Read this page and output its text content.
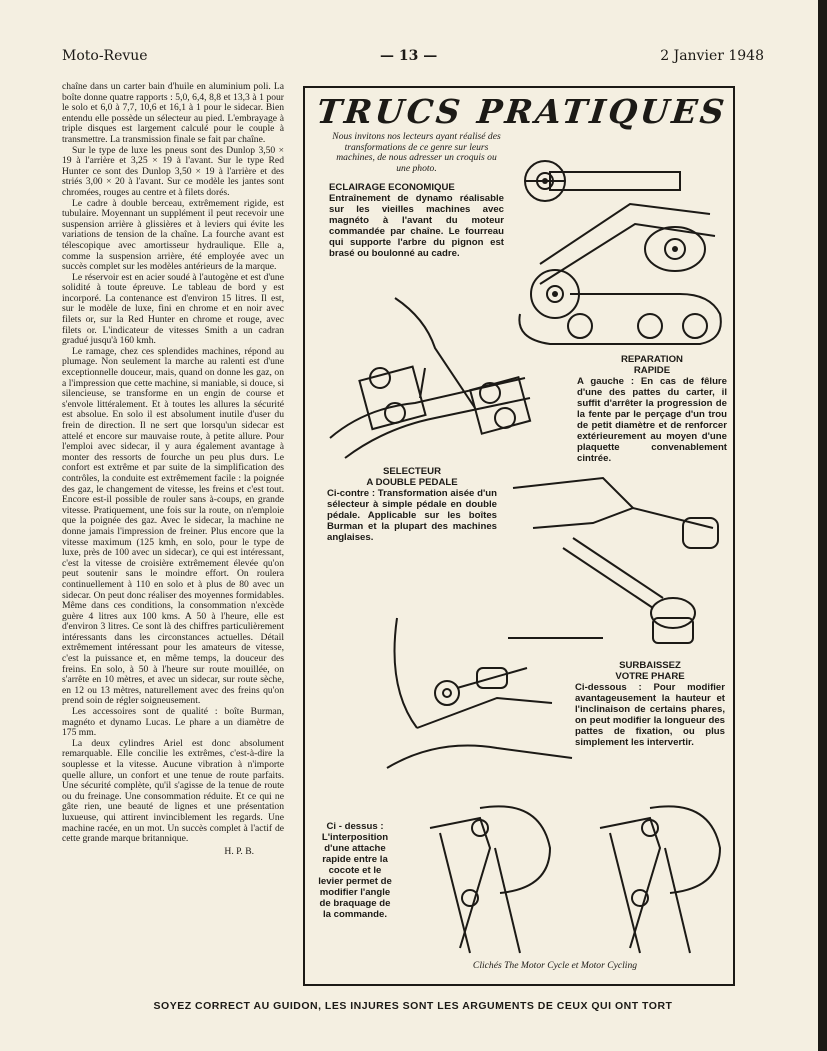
Moto-Revue	— 13 —	2 Janvier 1948

chaîne dans un carter bain d'huile en aluminium poli. La boîte donne quatre rapports : 5,0, 6,4, 8,8 et 13,3 à 1 pour le solo et 6,0 à 7,7, 10,6 et 16,1 à 1 pour le sidecar. Bien entendu elle possède un sélecteur au pied. L'embrayage à triple disques est largement calculé pour le couple à transmettre. La transmission finale se fait par chaîne.

Sur le type de luxe les pneus sont des Dunlop 3,50 × 19 à l'arrière et 3,25 × 19 à l'avant. Sur le type Red Hunter ce sont des Dunlop 3,50 × 19 à l'arrière et des striés 3,00 × 20 à l'avant. Sur ce modèle les jantes sont chromées, rouges au centre et à filets dorés.

Le cadre à double berceau, extrêmement rigide, est tubulaire. Moyennant un supplément il peut recevoir une suspension arrière à glissières et à leviers qui évite les variations de tension de la chaîne. La fourche avant est télescopique avec amortisseur hydraulique. Elle a, comme la suspension arrière, été employée avec un succès complet sur les modèles antérieurs de la marque.

Le réservoir est en acier soudé à l'autogène et est d'une solidité à toute épreuve. Le tableau de bord y est incorporé. La contenance est d'environ 15 litres. Il est, sur le modèle de luxe, fini en chrome et en noir avec filets or, sur la Red Hunter en chrome et rouge, avec filets or. L'indicateur de vitesses Smith a un cadran gradué jusqu'à 160 kmh.

Le ramage, chez ces splendides machines, répond au plumage. Non seulement la marche au ralenti est d'une exceptionnelle douceur, mais, quand on donne les gaz, on a l'impression que cette machine, si maniable, si douce, si silencieuse, se transforme en un engin de course et s'envole littéralement. Et à toutes les allures la sécurité est absolue. En solo il est absolument inutile d'user du frein de direction. Il ne sert que lorsqu'un sidecar est attelé et encore sur mauvaise route, à petite allure. Pour l'emploi avec sidecar, il y aura également avantage à monter des ressorts de fourche un peu plus durs. Le confort est extrême et par suite de la simplification des contrôles, la conduite est extrêmement facile : la poignée des gaz, le changement de vitesse, les freins et c'est tout. Encore est-il possible de rouler sans à-coups, en grande vitesse. Pratiquement, une fois sur la route, on n'emploie que la poignée des gaz. Avec le sidecar, la machine ne donne jamais l'impression de freiner. Plus encore que la vitesse maximum (125 kmh, en solo, pour le type de luxe, près de 100 avec un sidecar), ce qui est intéressant, c'est la vitesse de croisière extrêmement élevée qu'on peut soutenir sans le moindre effort. On roulera continuellement à 110 en solo et à plus de 80 avec un sidecar. On peut donc réaliser des moyennes formidables. Même dans ces conditions, la consommation n'excède guère 4 litres aux 100 kms. A 50 à l'heure, elle est d'environ 3 litres. Ce sont là des chiffres particulièrement intéressants dans les circonstances actuelles. Détail extrêmement intéressant pour les amateurs de vitesse, c'est la puissance et, en même temps, la douceur des freins. En solo, à 50 à l'heure sur route mouillée, on s'arrête en 10 mètres, et avec un sidecar, sur route sèche, en 12 ou 13 mètres, naturellement avec des freins qu'on prend soin de régler soigneusement.

Les accessoires sont de qualité : boîte Burman, magnéto et dynamo Lucas. Le phare a un diamètre de 175 mm.

La deux cylindres Ariel est donc absolument remarquable. Elle concilie les extrêmes, c'est-à-dire la souplesse et la vitesse. Aucune vibration à n'importe quelle allure, un confort et une tenue de route parfaits. Une sécurité complète, qu'il s'agisse de la tenue de route ou du freinage. Une consommation réduite. Et ce qui ne gâte rien, une beauté de lignes et une présentation luxueuse, qui attirent invinciblement les regards. Une machine racée, en un mot. Un succès complet à l'actif de cette grande marque britannique.

H. P. B.
TRUCS PRATIQUES
Nous invitons nos lecteurs ayant réalisé des transformations de ce genre sur leurs machines, de nous adresser un croquis ou une photo.
ECLAIRAGE ECONOMIQUE
Entraînement de dynamo réalisable sur les vieilles machines avec magnéto à l'avant du moteur commandée par chaîne. Le fourreau qui supporte l'arbre du pignon est brasé ou boulonné au cadre.
REPARATION
RAPIDE
A gauche : En cas de fêlure d'une des pattes du carter, il suffit d'arrêter la progression de la fente par le perçage d'un trou de petit diamètre et de renforcer extérieurement au moyen d'une plaquette convenablement cintrée.
SELECTEUR
A DOUBLE PEDALE
Ci-contre : Transformation aisée d'un sélecteur à simple pédale en double pédale. Applicable sur les boîtes Burman et la plupart des machines anglaises.
SURBAISSEZ
VOTRE PHARE
Ci-dessous : Pour modifier avantageusement la hauteur et l'inclinaison de certains phares, on peut modifier la longueur des pattes de fixation, ou plus simplement les intervertir.
Ci - dessus :
L'interposition d'une attache rapide entre la cocote et le levier permet de modifier l'angle de braquage de la commande.
Clichés The Motor Cycle et Motor Cycling
SOYEZ CORRECT AU GUIDON, LES INJURES SONT LES ARGUMENTS DE CEUX QUI ONT TORT
